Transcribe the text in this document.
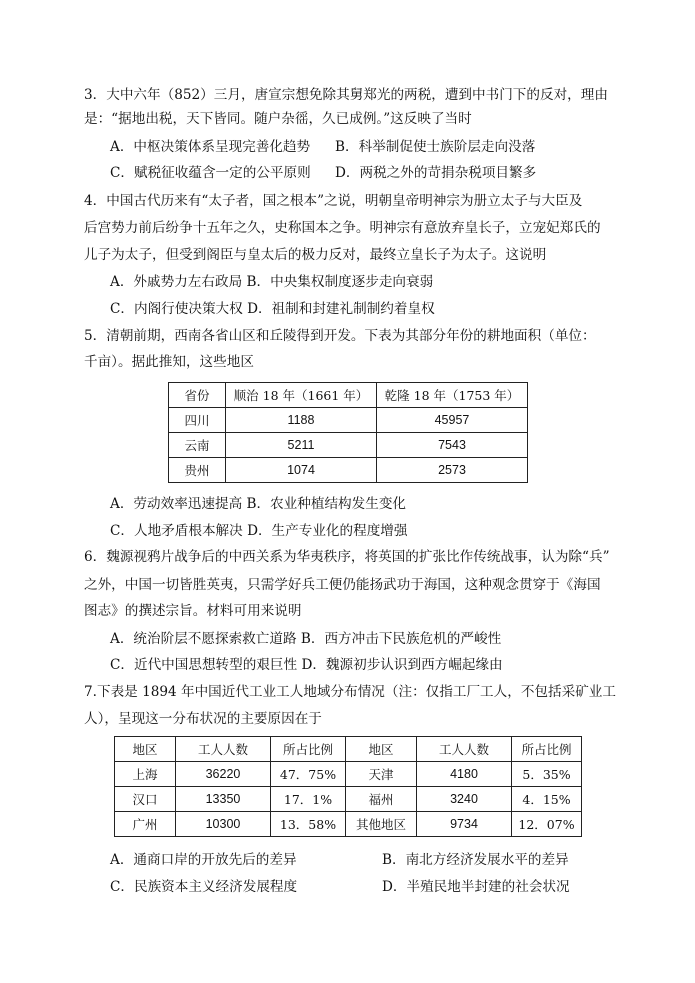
3．大中六年（852）三月，唐宣宗想免除其舅郑光的两税，遭到中书门下的反对，理由
是：“据地出税，天下皆同。随户杂徭，久已成例。”这反映了当时
A．中枢决策体系呈现完善化趋势 B．科举制促使士族阶层走向没落
C．赋税征收蕴含一定的公平原则 D．两税之外的苛捐杂税项目繁多
4．中国古代历来有“太子者，国之根本”之说，明朝皇帝明神宗为册立太子与大臣及
后宫势力前后纷争十五年之久，史称国本之争。明神宗有意放弃皇长子，立宠妃郑氏的
儿子为太子，但受到阁臣与皇太后的极力反对，最终立皇长子为太子。这说明
A．外戚势力左右政局 B．中央集权制度逐步走向衰弱
C．内阁行使决策大权 D．祖制和封建礼制制约着皇权
5．清朝前期，西南各省山区和丘陵得到开发。下表为其部分年份的耕地面积（单位：
千亩）。据此推知，这些地区
省份	顺治 18 年（1661 年）	乾隆 18 年（1753 年）
四川	1188	45957
云南	5211	7543
贵州	1074	2573
A．劳动效率迅速提高 B．农业种植结构发生变化
C．人地矛盾根本解决 D．生产专业化的程度增强
6．魏源视鸦片战争后的中西关系为华夷秩序，将英国的扩张比作传统战事，认为除“兵”
之外，中国一切皆胜英夷，只需学好兵工便仍能扬武功于海国，这种观念贯穿于《海国
图志》的撰述宗旨。材料可用来说明
A．统治阶层不愿探索救亡道路 B．西方冲击下民族危机的严峻性
C．近代中国思想转型的艰巨性 D．魏源初步认识到西方崛起缘由
7.下表是 1894 年中国近代工业工人地域分布情况（注：仅指工厂工人，不包括采矿业工
人），呈现这一分布状况的主要原因在于
地区	工人人数	所占比例	地区	工人人数	所占比例
上海	36220	47．75%	天津	4180	5．35%
汉口	13350	17．1%	福州	3240	4．15%
广州	10300	13．58%	其他地区	9734	12．07%
A．通商口岸的开放先后的差异	B．南北方经济发展水平的差异
C．民族资本主义经济发展程度	D．半殖民地半封建的社会状况
